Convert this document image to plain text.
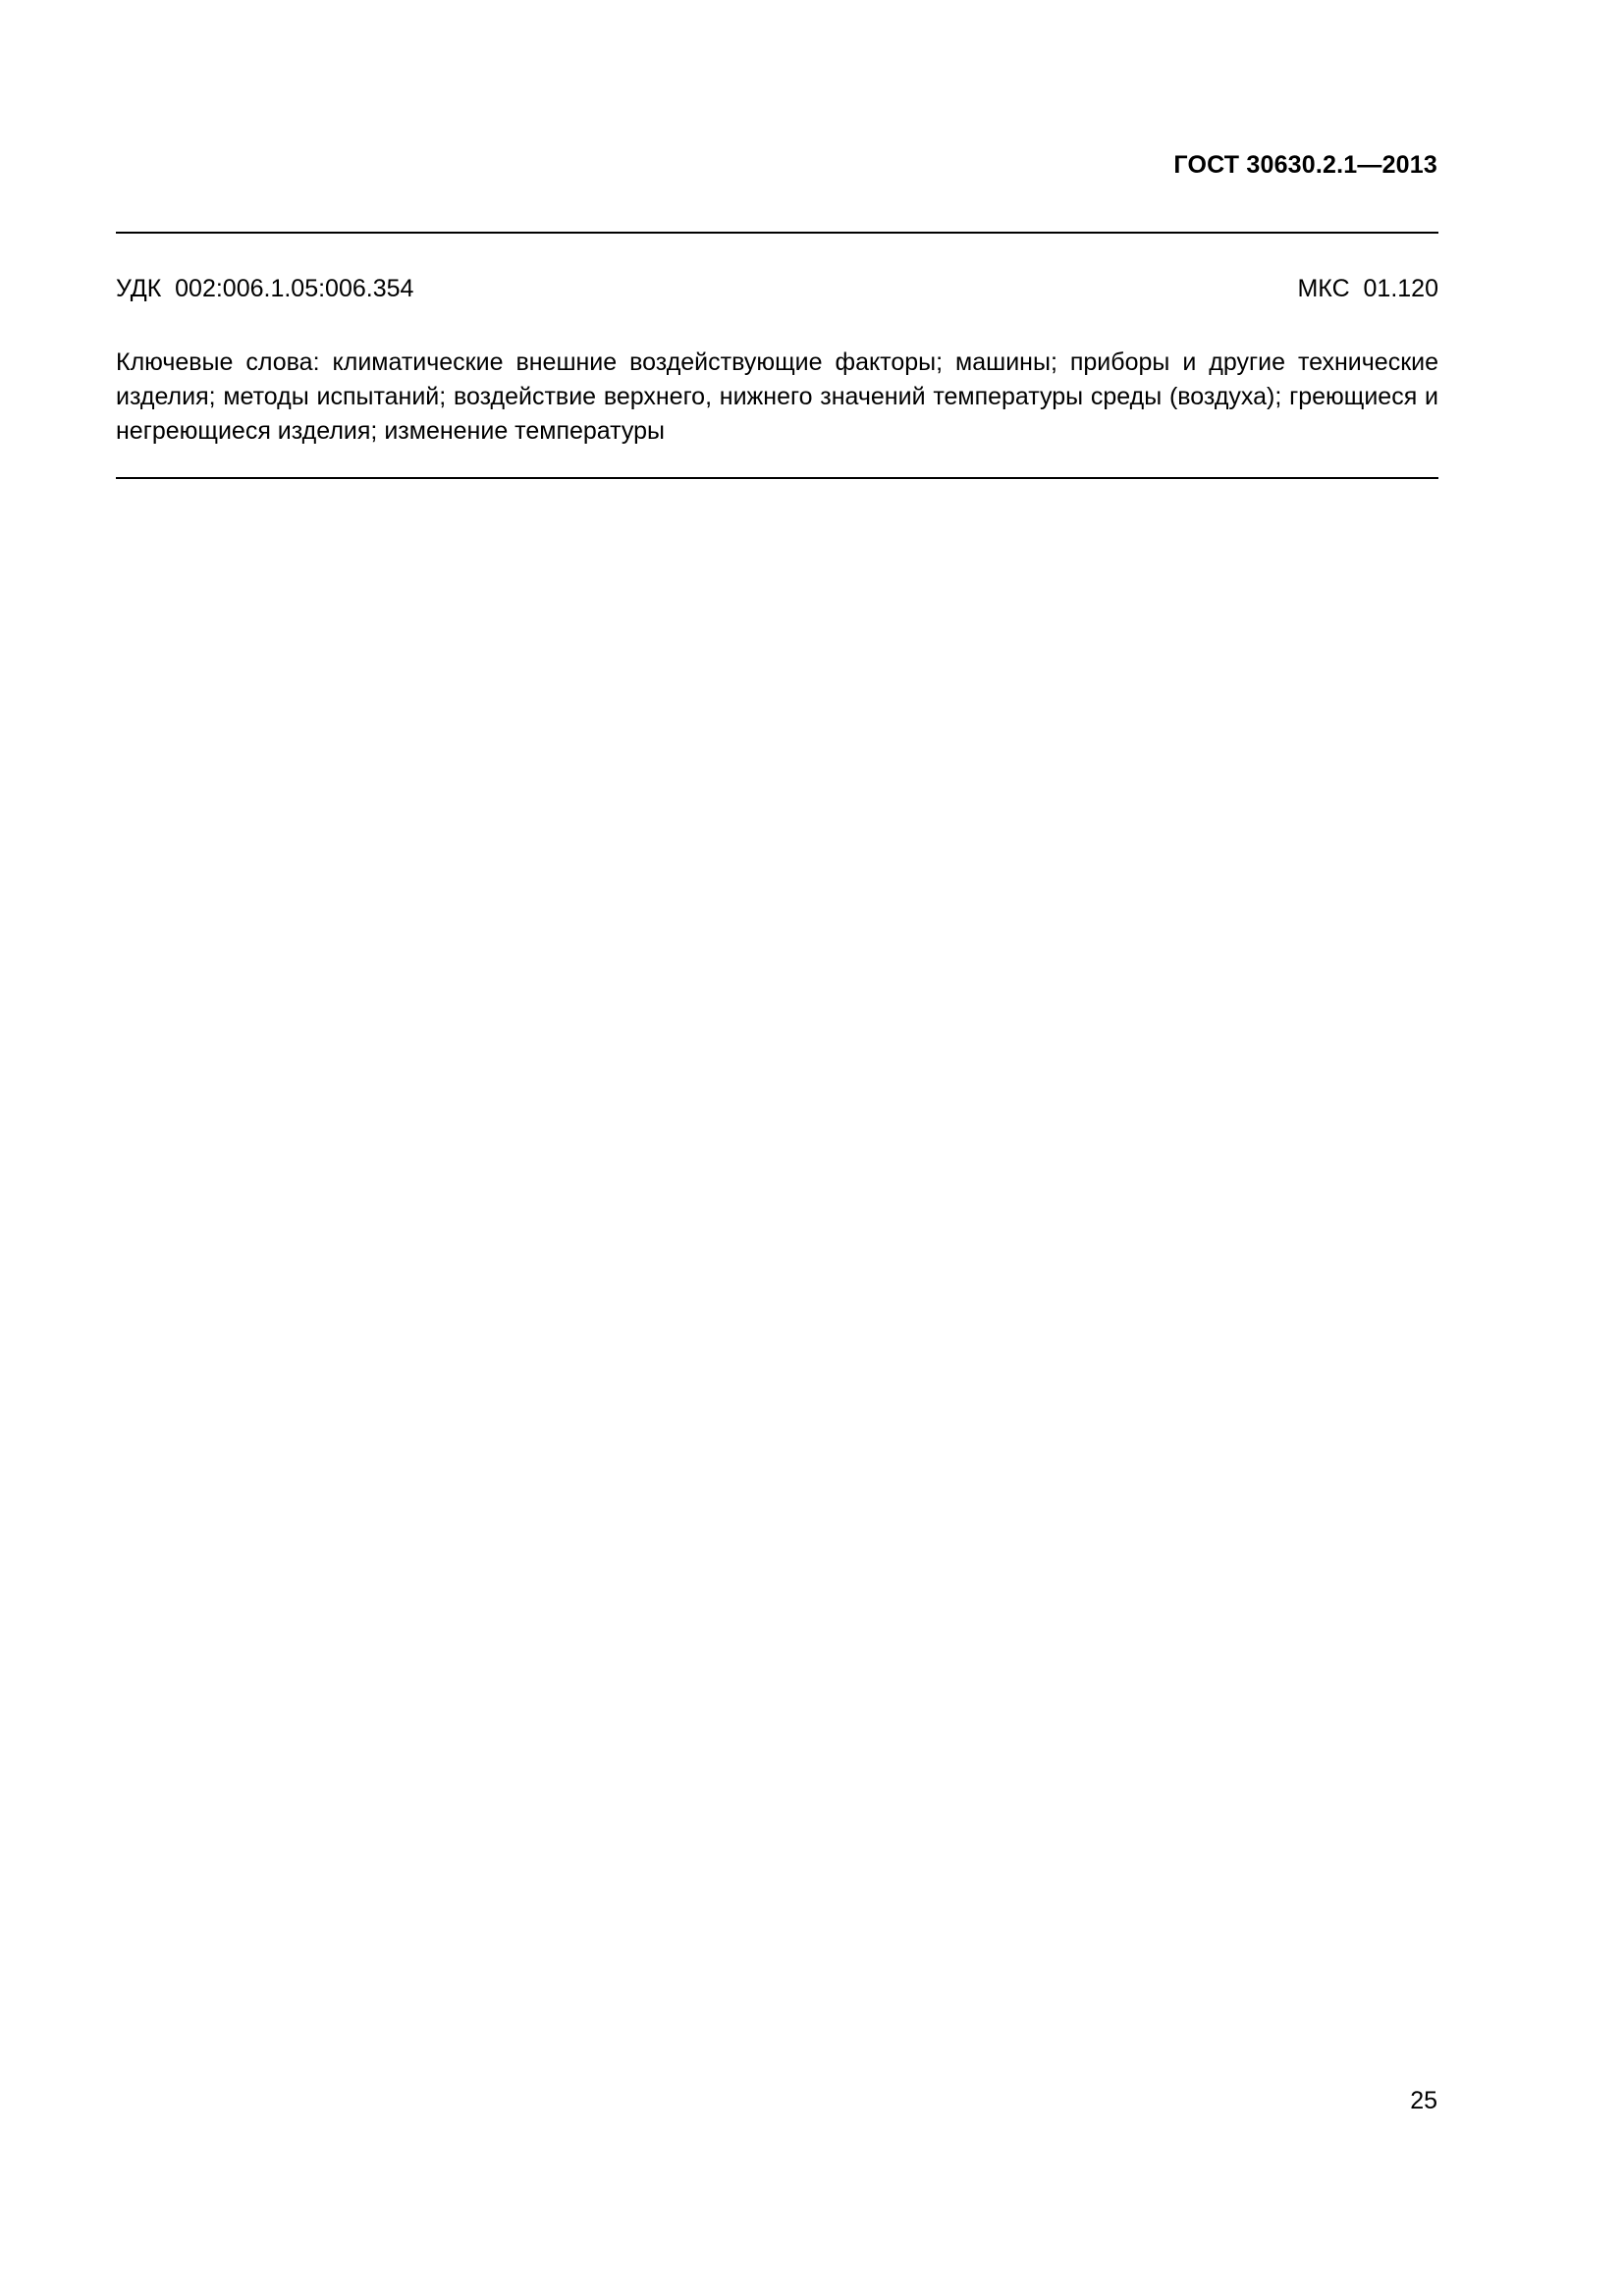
ГОСТ 30630.2.1—2013
УДК  002:006.1.05:006.354	МКС  01.120

Ключевые слова: климатические внешние воздействующие факторы; машины; приборы и другие технические изделия; методы испытаний; воздействие верхнего, нижнего значений температуры среды (воздуха); греющиеся и негреющиеся изделия; изменение температуры

25
